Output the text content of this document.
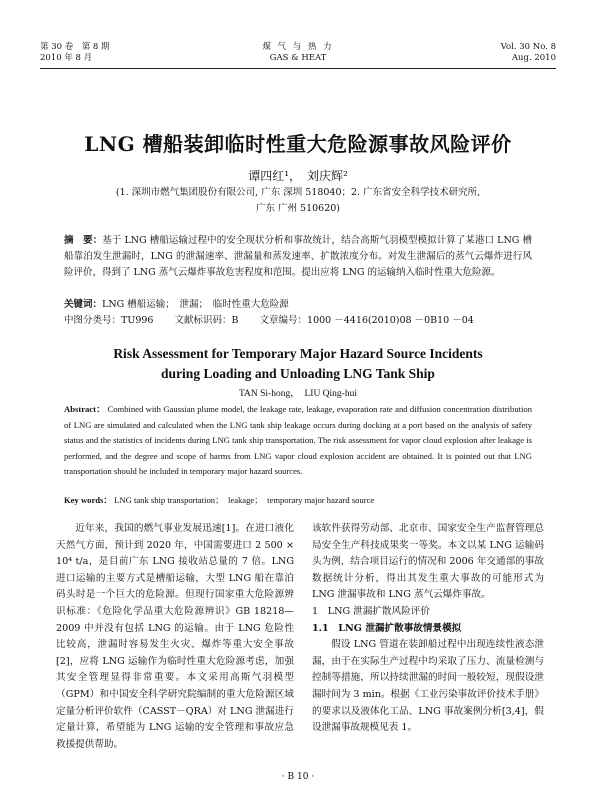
第 30 卷　第 8 期
2010 年 8 月
煤 气 与 热 力
GAS & HEAT
Vol. 30 No. 8
Aug. 2010
LNG 槽船装卸临时性重大危险源事故风险评价
谭四红¹，　刘庆辉²
(1. 深圳市燃气集团股份有限公司, 广东 深圳 518040；2. 广东省安全科学技术研究所,
广东 广州 510620)
摘　要：基于 LNG 槽船运输过程中的安全现状分析和事故统计，结合高斯气羽模型模拟计算了某港口 LNG 槽船靠泊发生泄漏时，LNG 的泄漏速率、泄漏量和蒸发速率、扩散浓度分布。对发生泄漏后的蒸气云爆炸进行风险评价，得到了 LNG 蒸气云爆炸事故危害程度和范围。提出应将 LNG 的运输纳入临时性重大危险源。
关键词：LNG 槽船运输；　泄漏；　临时性重大危险源
中图分类号：TU996 文献标识码：B 文章编号：1000 －4416(2010)08 －0B10 －04
Risk Assessment for Temporary Major Hazard Source Incidents
during Loading and Unloading LNG Tank Ship
TAN Si-hong，　LIU Qing-hui
Abstract： Combined with Gaussian plume model, the leakage rate, leakage, evaporation rate and diffusion concentration distribution of LNG are simulated and calculated when the LNG tank ship leakage occurs during docking at a port based on the analysis of safety status and the statistics of incidents during LNG tank ship transportation. The risk assessment for vapor cloud explosion after leakage is performed, and the degree and scope of harms from LNG vapor cloud explosion accident are obtained. It is pointed out that LNG transportation should be included in temporary major hazard sources.
Key words： LNG tank ship transportation；　leakage；　temporary major hazard source

近年来，我国的燃气事业发展迅速[1]。在进口液化天然气方面，预计到 2020 年，中国需要进口 2 500 × 10⁴ t/a，是目前广东 LNG 接收站总量的 7 倍。LNG 进口运输的主要方式是槽船运输，大型 LNG 船在靠泊码头时是一个巨大的危险源。但现行国家重大危险源辨识标准：《危险化学品重大危险源辨识》GB 18218—2009 中并没有包括 LNG 的运输。由于 LNG 危险性比较高，泄漏时容易发生火灾、爆炸等重大安全事故[2]，应将 LNG 运输作为临时性重大危险源考虑，加强其安全管理显得非常重要。本文采用高斯气羽模型（GPM）和中国安全科学研究院编制的重大危险源区域定量分析评价软件（CASST－QRA）对 LNG 泄漏进行定量计算，希望能为 LNG 运输的安全管理和事故应急救援提供帮助。

该软件获得劳动部、北京市、国家安全生产监督管理总局安全生产科技成果奖一等奖。本文以某 LNG 运输码头为例，结合项目运行的情况和 2006 年交通部的事故数据统计分析，得出其发生重大事故的可能形式为 LNG 泄漏事故和 LNG 蒸气云爆炸事故。

1　LNG 泄漏扩散风险评价

1.1　LNG 泄漏扩散事故情景模拟

假设 LNG 管道在装卸船过程中出现连续性液态泄漏，由于在实际生产过程中均采取了压力、流量检测与控制等措施，所以持续泄漏的时间一般较短，现假设泄漏时间为 3 min。根据《工业污染事故评价技术手册》的要求以及液体化工品、LNG 事故案例分析[3,4]，假设泄漏事故规模见表 1。

· B 10 ·
